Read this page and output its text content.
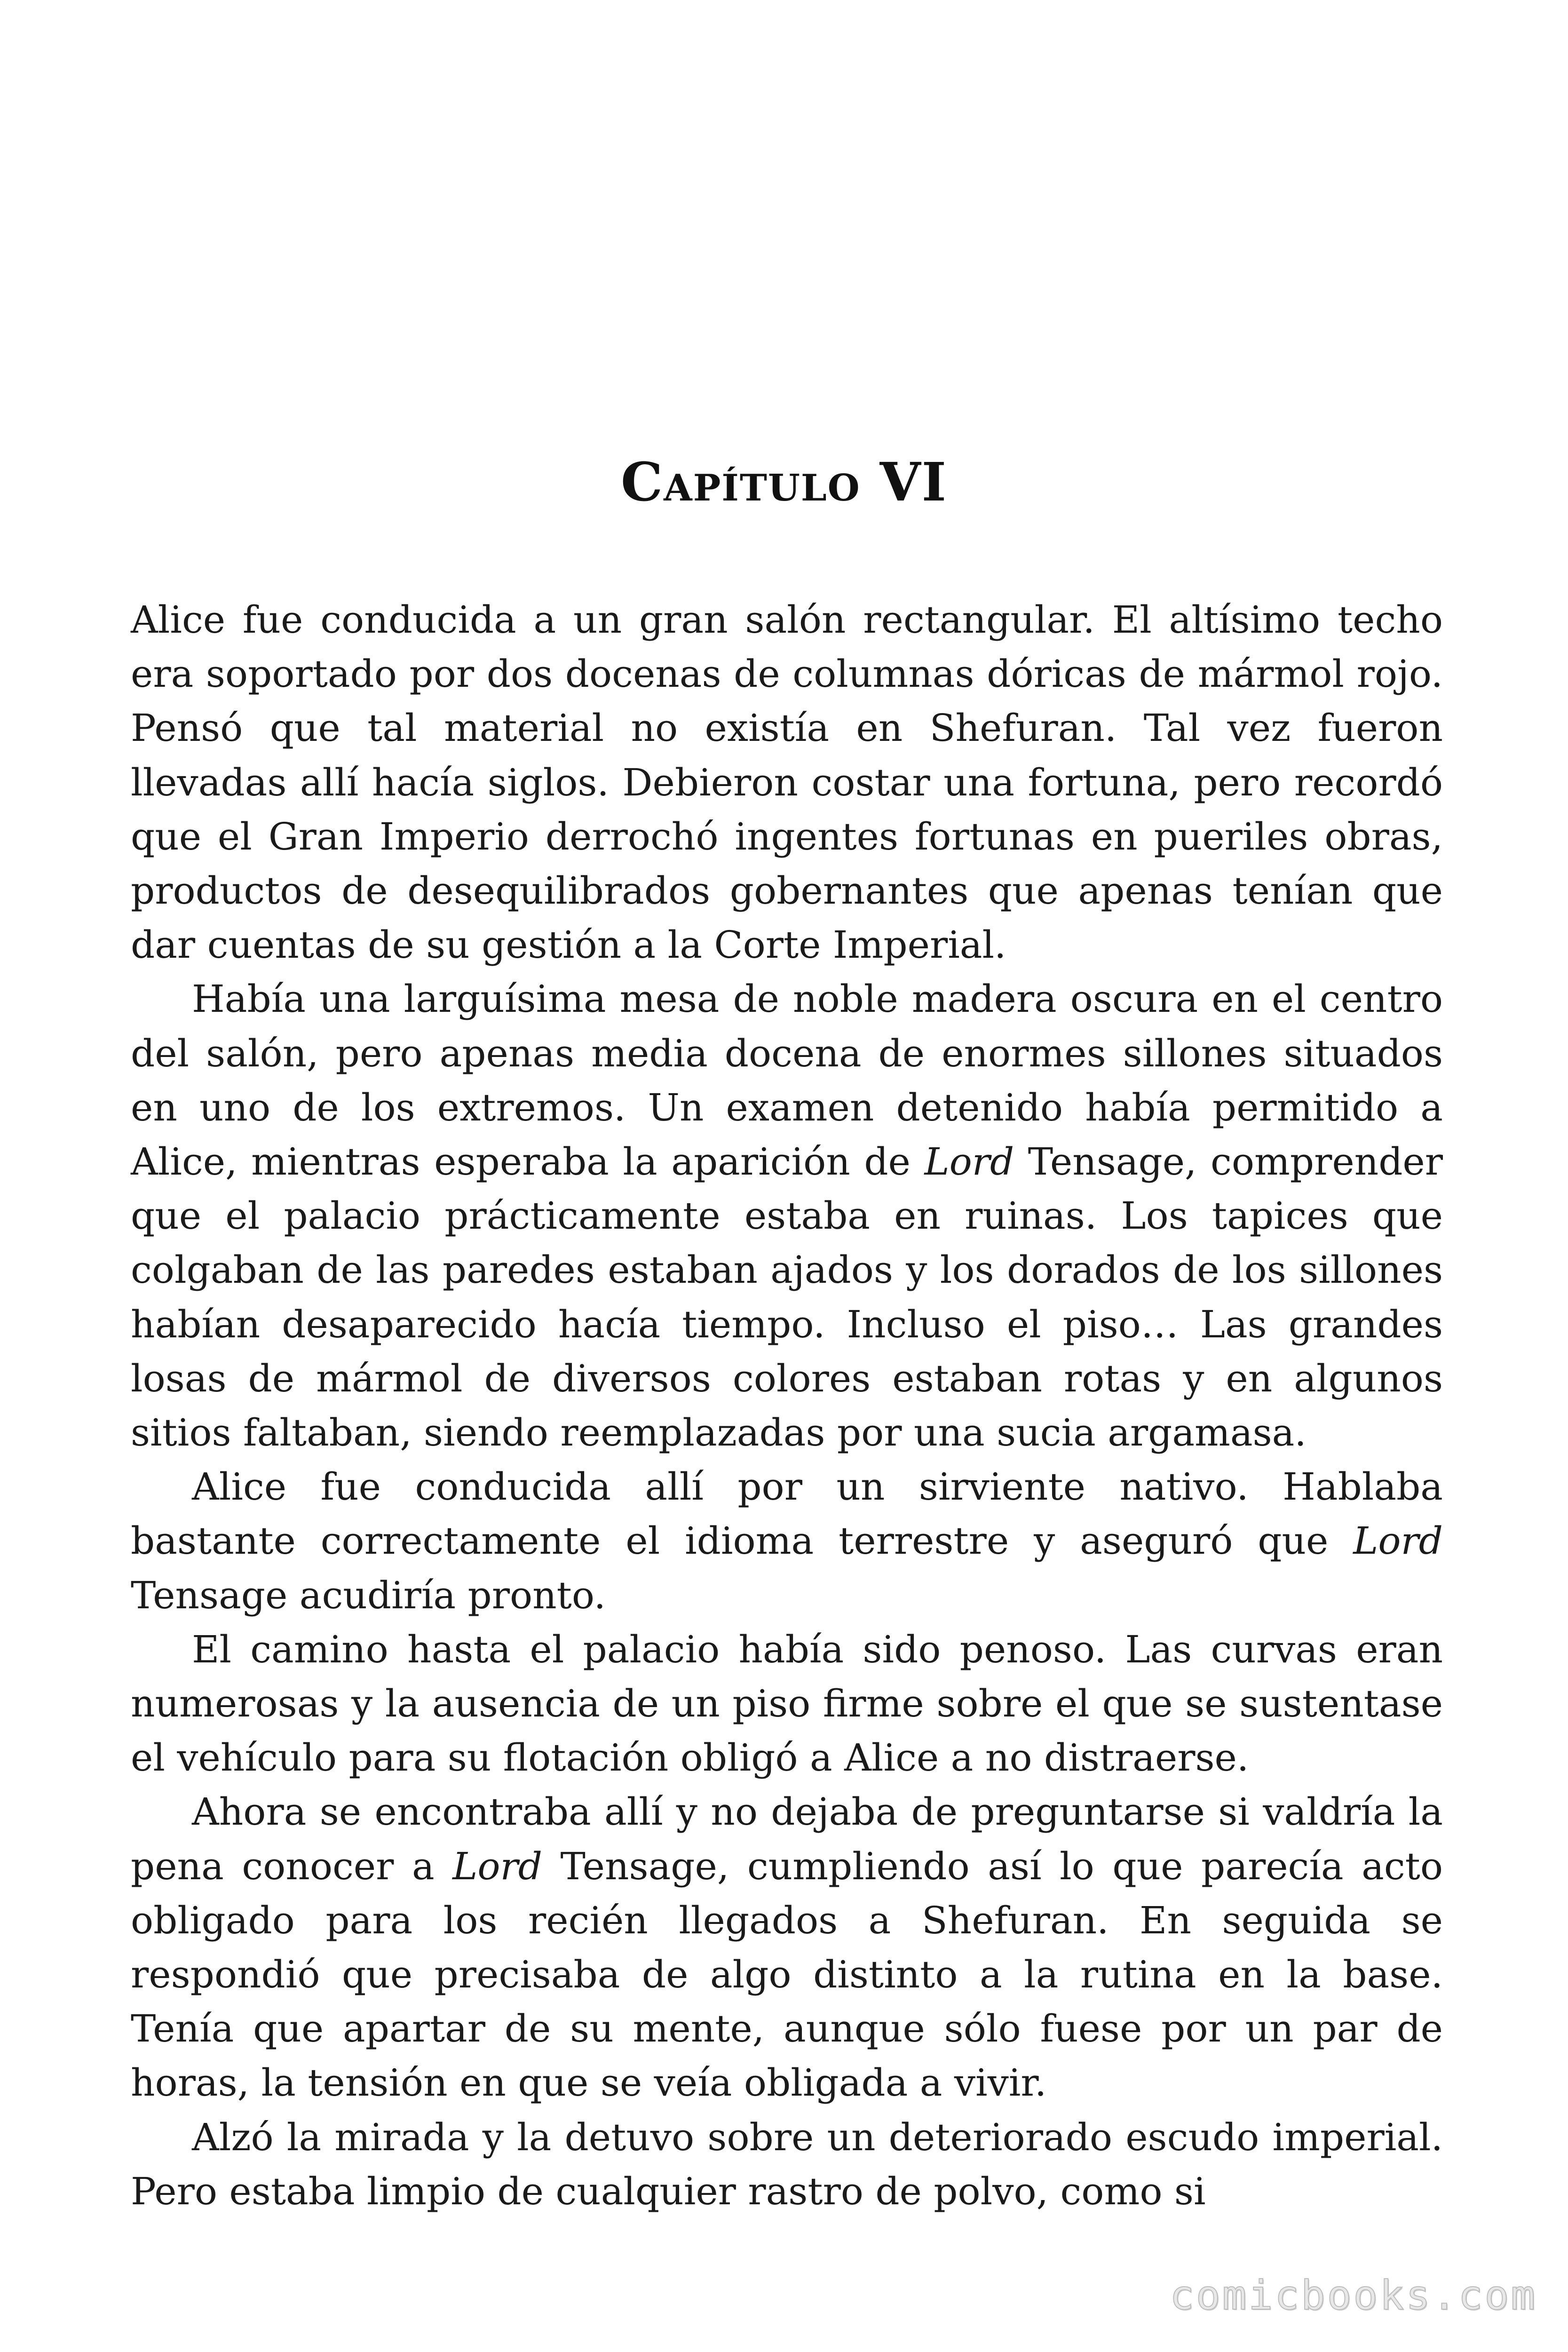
Capítulo VI

Alice fue conducida a un gran salón rectangular. El altísimo techo era soportado por dos docenas de columnas dóricas de mármol rojo. Pensó que tal material no existía en Shefuran. Tal vez fueron llevadas allí hacía siglos. Debieron costar una fortuna, pero recordó que el Gran Imperio derrochó ingentes fortunas en pueriles obras, productos de desequilibrados gobernantes que apenas tenían que dar cuentas de su gestión a la Corte Imperial.

Había una larguísima mesa de noble madera oscura en el centro del salón, pero apenas media docena de enormes sillones situados en uno de los extremos. Un examen detenido había permitido a Alice, mientras esperaba la aparición de Lord Tensage, comprender que el palacio prácticamente estaba en ruinas. Los tapices que colgaban de las paredes estaban ajados y los dorados de los sillones habían desaparecido hacía tiempo. Incluso el piso… Las grandes losas de mármol de diversos colores estaban rotas y en algunos sitios faltaban, siendo reemplazadas por una sucia argamasa.

Alice fue conducida allí por un sirviente nativo. Hablaba bastante correctamente el idioma terrestre y aseguró que Lord Tensage acudiría pronto.

El camino hasta el palacio había sido penoso. Las curvas eran numerosas y la ausencia de un piso firme sobre el que se sustentase el vehículo para su flotación obligó a Alice a no distraerse.

Ahora se encontraba allí y no dejaba de preguntarse si valdría la pena conocer a Lord Tensage, cumpliendo así lo que parecía acto obligado para los recién llegados a Shefuran. En seguida se respondió que precisaba de algo distinto a la rutina en la base. Tenía que apartar de su mente, aunque sólo fuese por un par de horas, la tensión en que se veía obligada a vivir.

Alzó la mirada y la detuvo sobre un deteriorado escudo imperial. Pero estaba limpio de cualquier rastro de polvo, como si

comicbooks.com
